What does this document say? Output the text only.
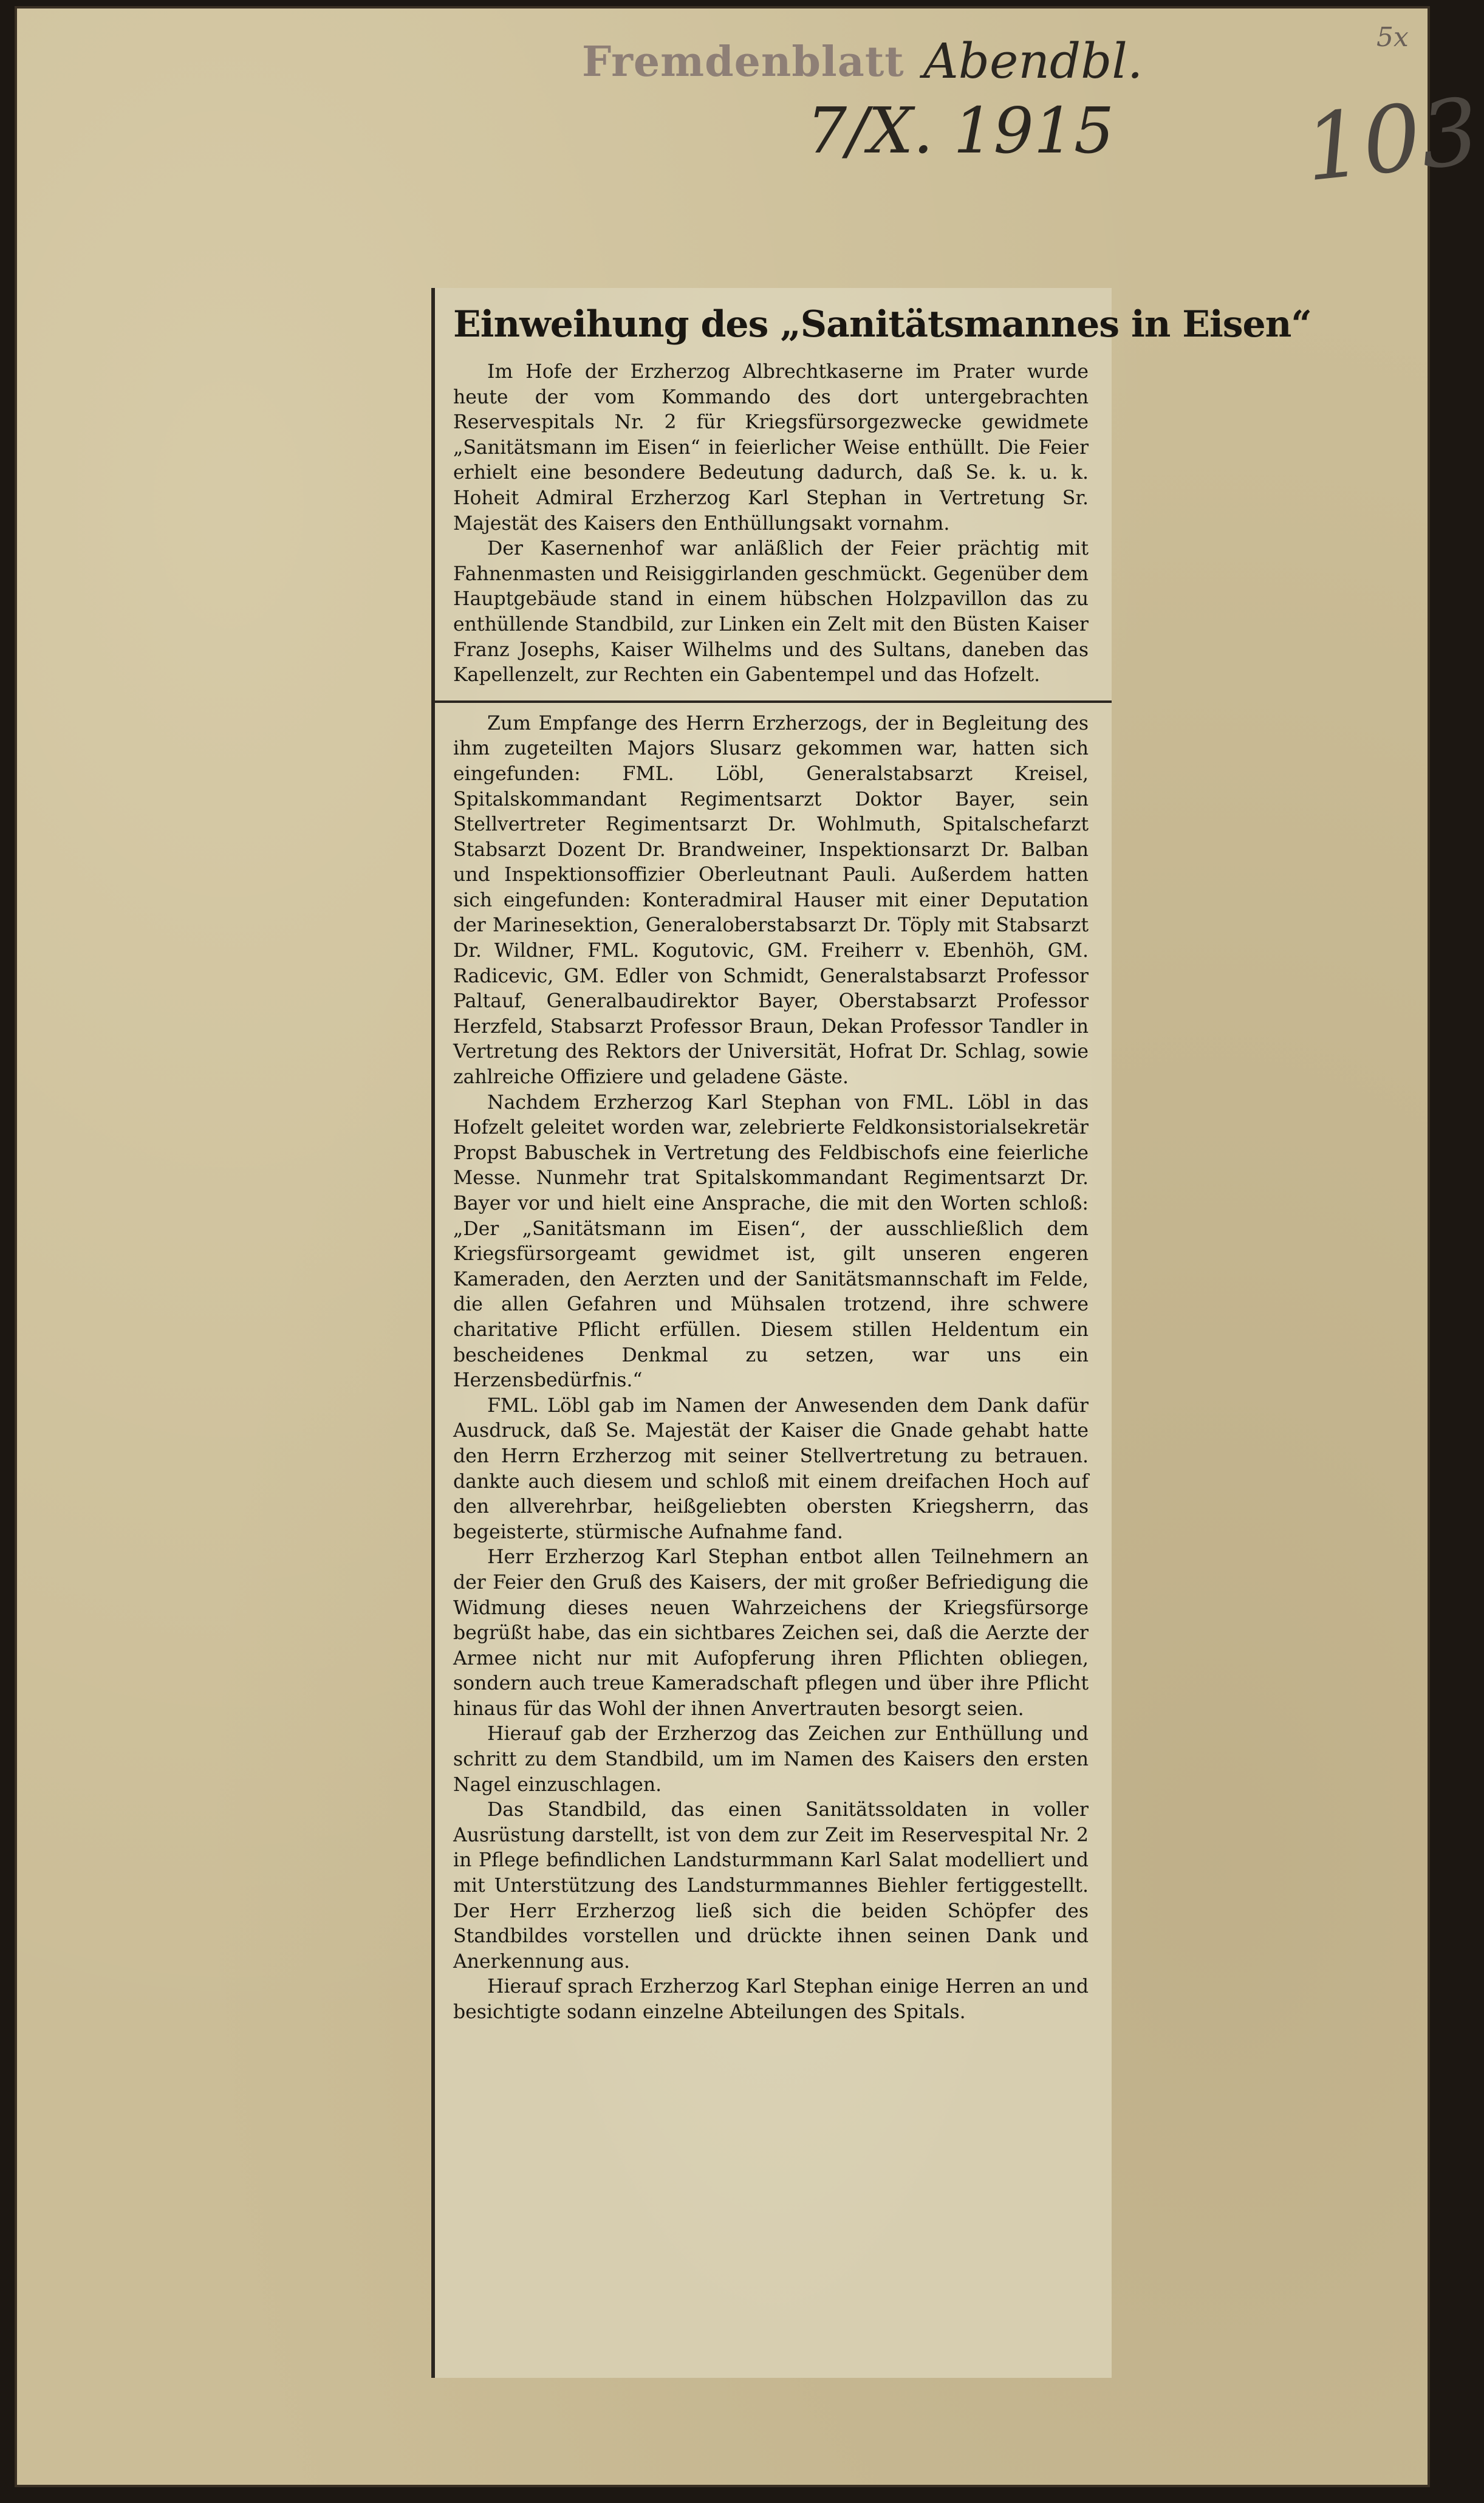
Fremdenblatt Abendbl.
7/X. 1915
5x
103
Einweihung des „Sanitätsmannes in Eisen“

Im Hofe der Erzherzog Albrechtkaserne im Prater wurde heute der vom Kommando des dort untergebrachten Reservespitals Nr. 2 für Kriegsfürsorgezwecke gewidmete „Sanitätsmann im Eisen“ in feierlicher Weise enthüllt. Die Feier erhielt eine besondere Bedeutung dadurch, daß Se. k. u. k. Hoheit Admiral Erzherzog Karl Stephan in Vertretung Sr. Majestät des Kaisers den Enthüllungsakt vornahm.

Der Kasernenhof war anläßlich der Feier prächtig mit Fahnenmasten und Reisiggirlanden geschmückt. Gegenüber dem Hauptgebäude stand in einem hübschen Holzpavillon das zu enthüllende Standbild, zur Linken ein Zelt mit den Büsten Kaiser Franz Josephs, Kaiser Wilhelms und des Sultans, daneben das Kapellenzelt, zur Rechten ein Gabentempel und das Hofzelt.

Zum Empfange des Herrn Erzherzogs, der in Begleitung des ihm zugeteilten Majors Slusarz gekommen war, hatten sich eingefunden: FML. Löbl, Generalstabsarzt Kreisel, Spitalskommandant Regimentsarzt Doktor Bayer, sein Stellvertreter Regimentsarzt Dr. Wohlmuth, Spitalschefarzt Stabsarzt Dozent Dr. Brandweiner, Inspektionsarzt Dr. Balban und Inspektionsoffizier Oberleutnant Pauli. Außerdem hatten sich eingefunden: Konteradmiral Hauser mit einer Deputation der Marinesektion, Generaloberstabsarzt Dr. Töply mit Stabsarzt Dr. Wildner, FML. Kogutovic, GM. Freiherr v. Ebenhöh, GM. Radicevic, GM. Edler von Schmidt, Generalstabsarzt Professor Paltauf, Generalbaudirektor Bayer, Oberstabsarzt Professor Herzfeld, Stabsarzt Professor Braun, Dekan Professor Tandler in Vertretung des Rektors der Universität, Hofrat Dr. Schlag, sowie zahlreiche Offiziere und geladene Gäste.

Nachdem Erzherzog Karl Stephan von FML. Löbl in das Hofzelt geleitet worden war, zelebrierte Feldkonsistorialsekretär Propst Babuschek in Vertretung des Feldbischofs eine feierliche Messe. Nunmehr trat Spitalskommandant Regimentsarzt Dr. Bayer vor und hielt eine Ansprache, die mit den Worten schloß: „Der „Sanitätsmann im Eisen“, der ausschließlich dem Kriegsfürsorgeamt gewidmet ist, gilt unseren engeren Kameraden, den Aerzten und der Sanitätsmannschaft im Felde, die allen Gefahren und Mühsalen trotzend, ihre schwere charitative Pflicht erfüllen. Diesem stillen Heldentum ein bescheidenes Denkmal zu setzen, war uns ein Herzensbedürfnis.“

FML. Löbl gab im Namen der Anwesenden dem Dank dafür Ausdruck, daß Se. Majestät der Kaiser die Gnade gehabt hatte den Herrn Erzherzog mit seiner Stellvertretung zu betrauen. dankte auch diesem und schloß mit einem dreifachen Hoch auf den allverehrbar, heißgeliebten obersten Kriegsherrn, das begeisterte, stürmische Aufnahme fand.

Herr Erzherzog Karl Stephan entbot allen Teilnehmern an der Feier den Gruß des Kaisers, der mit großer Befriedigung die Widmung dieses neuen Wahrzeichens der Kriegsfürsorge begrüßt habe, das ein sichtbares Zeichen sei, daß die Aerzte der Armee nicht nur mit Aufopferung ihren Pflichten obliegen, sondern auch treue Kameradschaft pflegen und über ihre Pflicht hinaus für das Wohl der ihnen Anvertrauten besorgt seien.

Hierauf gab der Erzherzog das Zeichen zur Enthüllung und schritt zu dem Standbild, um im Namen des Kaisers den ersten Nagel einzuschlagen.

Das Standbild, das einen Sanitätssoldaten in voller Ausrüstung darstellt, ist von dem zur Zeit im Reservespital Nr. 2 in Pflege befindlichen Landsturmmann Karl Salat modelliert und mit Unterstützung des Landsturmmannes Biehler fertiggestellt. Der Herr Erzherzog ließ sich die beiden Schöpfer des Standbildes vorstellen und drückte ihnen seinen Dank und Anerkennung aus.

Hierauf sprach Erzherzog Karl Stephan einige Herren an und besichtigte sodann einzelne Abteilungen des Spitals.
